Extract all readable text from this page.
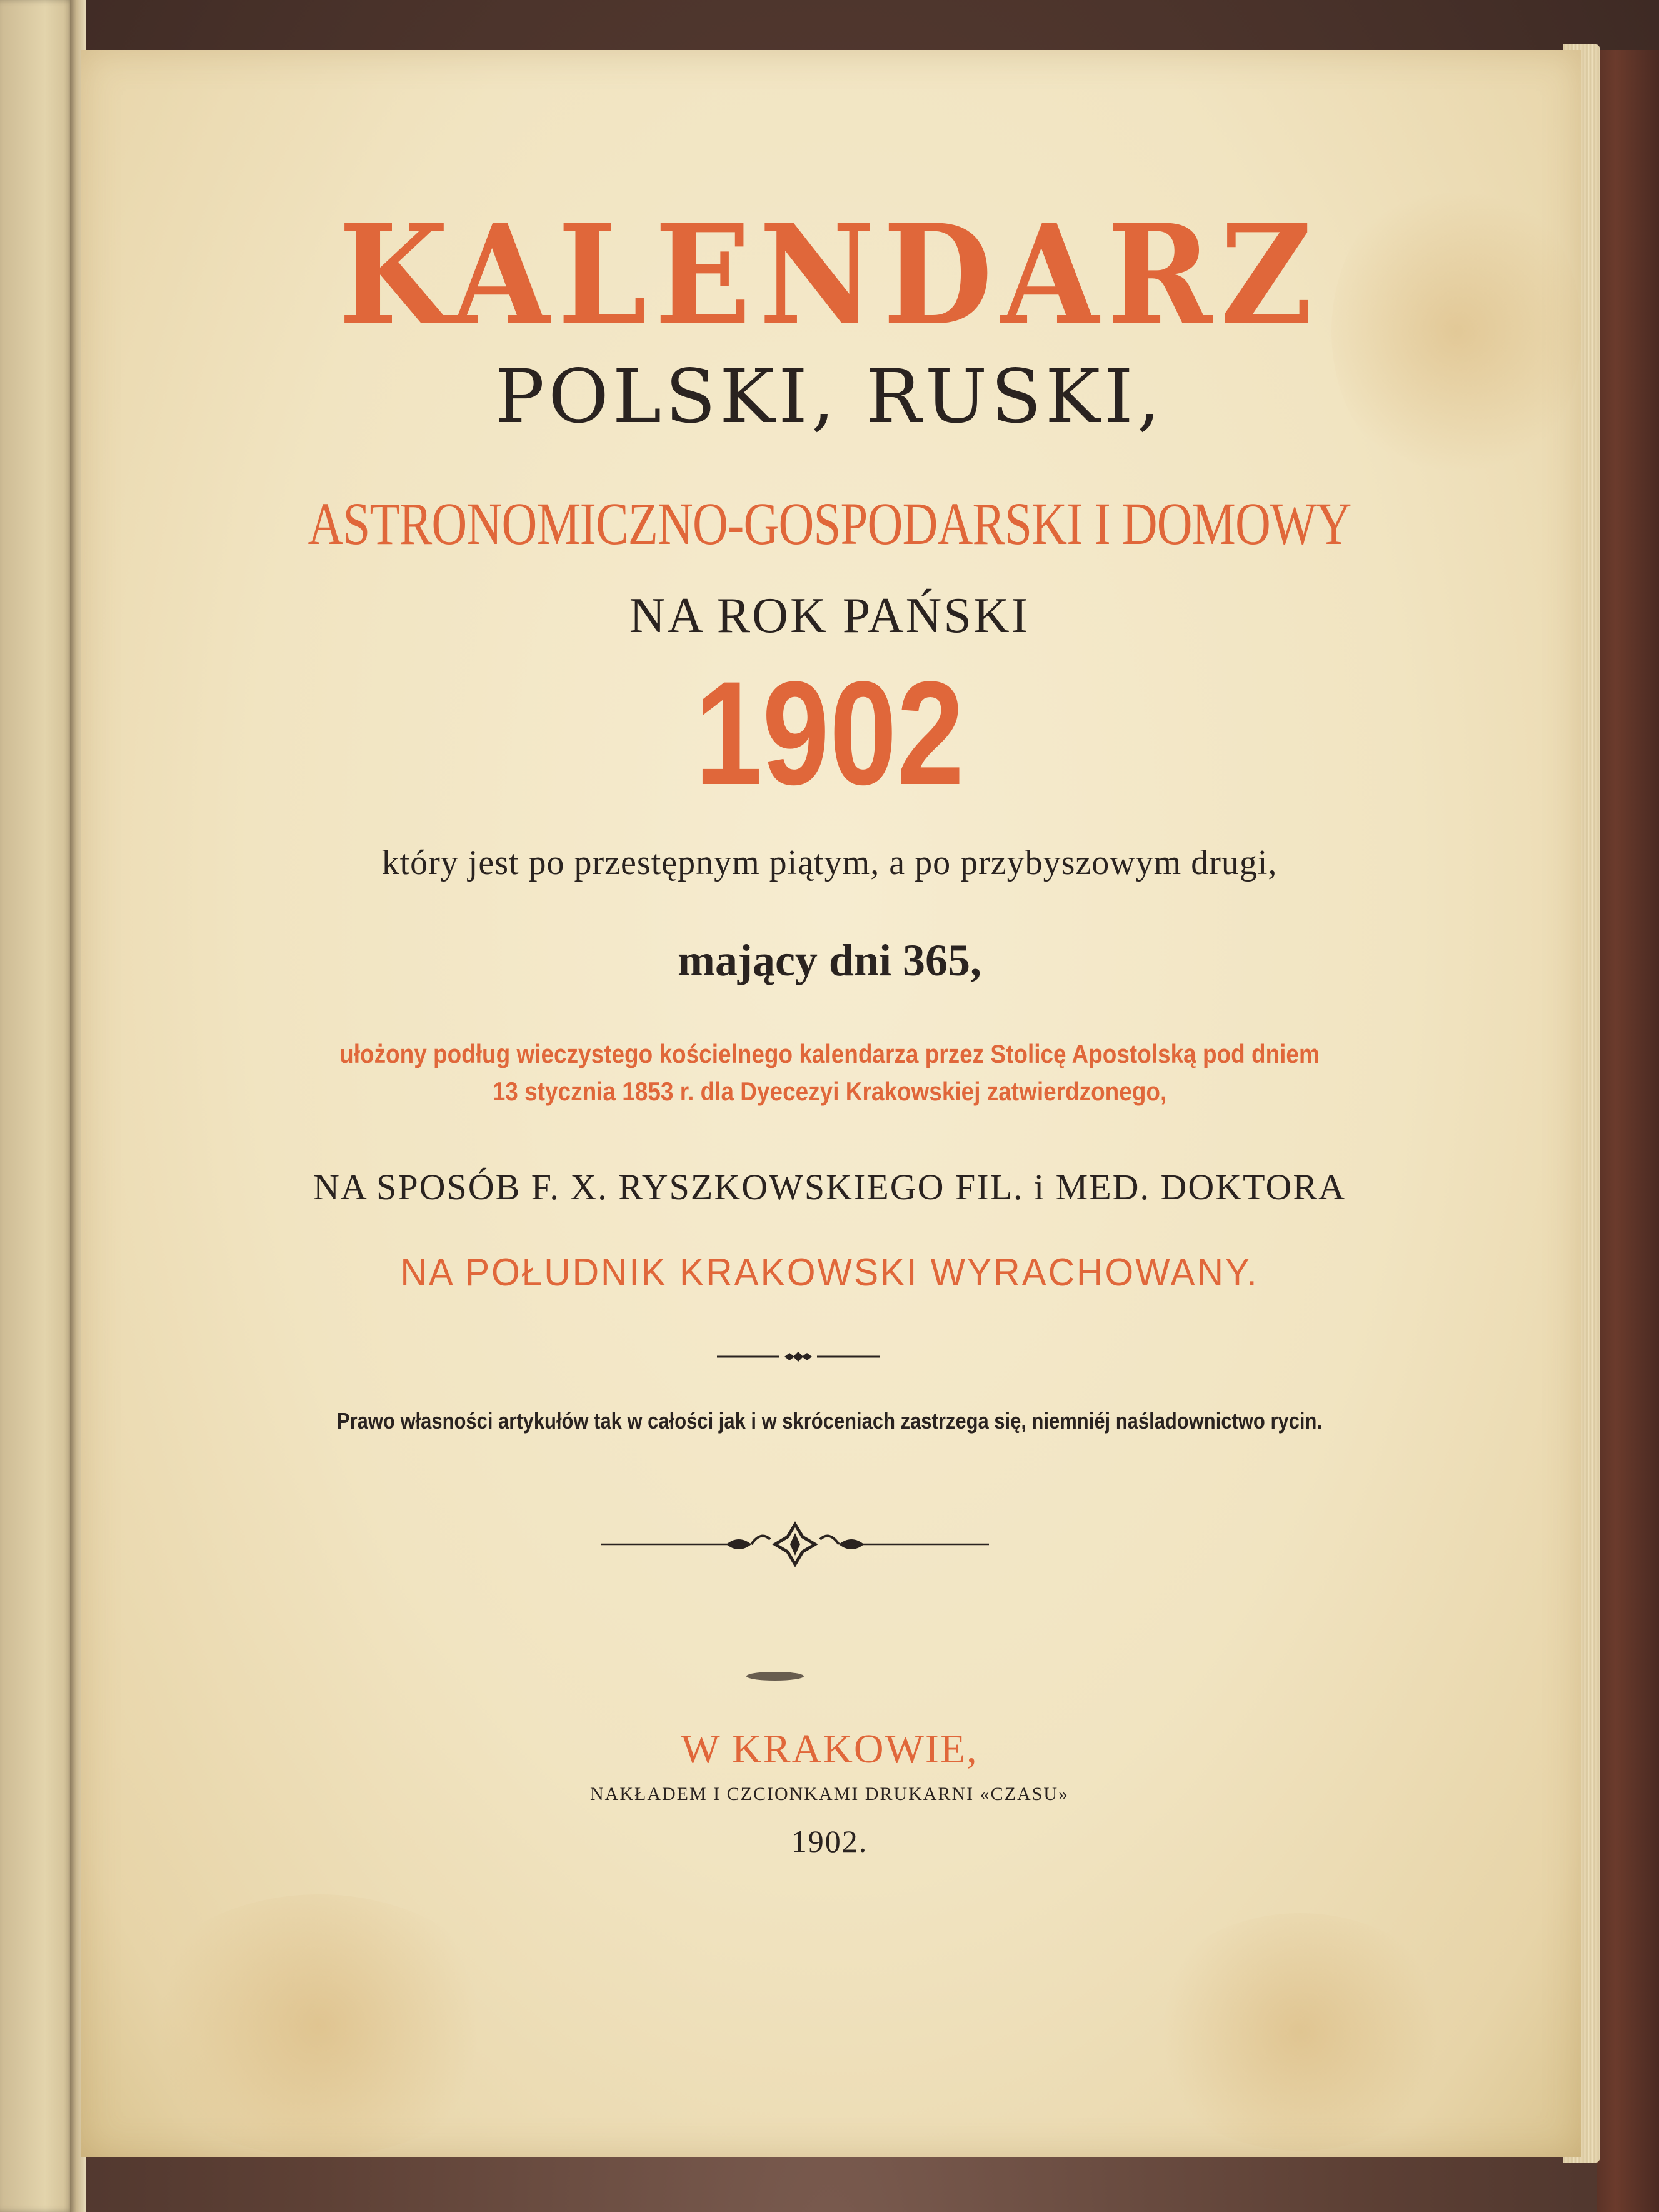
KALENDARZ
POLSKI, RUSKI,
ASTRONOMICZNO-GOSPODARSKI I DOMOWY
NA ROK PAŃSKI
1902
który jest po przestępnym piątym, a po przybyszowym drugi,
mający dni 365,
ułożony podług wieczystego kościelnego kalendarza przez Stolicę Apostolską pod dniem
13 stycznia 1853 r. dla Dyecezyi Krakowskiej zatwierdzonego,
NA SPOSÓB F. X. RYSZKOWSKIEGO FIL. i MED. DOKTORA
NA POŁUDNIK KRAKOWSKI WYRACHOWANY.
Prawo własności artykułów tak w całości jak i w skróceniach zastrzega się, niemniéj naśladownictwo rycin.
W KRAKOWIE,
NAKŁADEM I CZCIONKAMI DRUKARNI «CZASU»
1902.
